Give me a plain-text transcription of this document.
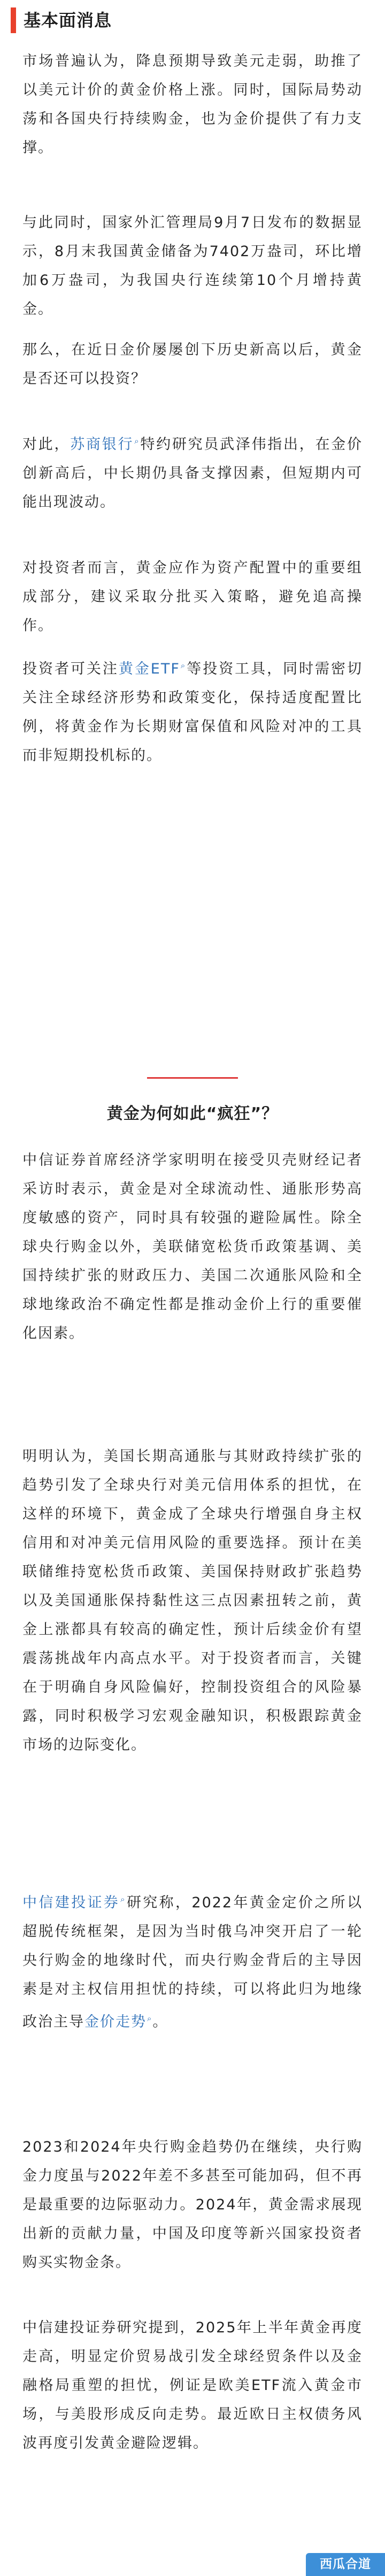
基本面消息
市场普遍认为，降息预期导致美元走弱，助推了以美元计价的黄金价格上涨。同时，国际局势动荡和各国央行持续购金，也为金价提供了有力支撑。
与此同时，国家外汇管理局9月7日发布的数据显示，8月末我国黄金储备为7402万盎司，环比增加6万盎司，为我国央行连续第10个月增持黄金。
那么，在近日金价屡屡创下历史新高以后，黄金是否还可以投资？
对此，苏商银行⌕特约研究员武泽伟指出，在金价创新高后，中长期仍具备支撑因素，但短期内可能出现波动。
对投资者而言，黄金应作为资产配置中的重要组成部分，建议采取分批买入策略，避免追高操作。
投资者可关注黄金ETF⌕等投资工具，同时需密切关注全球经济形势和政策变化，保持适度配置比例，将黄金作为长期财富保值和风险对冲的工具而非短期投机标的。
黄金为何如此“疯狂”？
中信证券首席经济学家明明在接受贝壳财经记者采访时表示，黄金是对全球流动性、通胀形势高度敏感的资产，同时具有较强的避险属性。除全球央行购金以外，美联储宽松货币政策基调、美国持续扩张的财政压力、美国二次通胀风险和全球地缘政治不确定性都是推动金价上行的重要催化因素。
明明认为，美国长期高通胀与其财政持续扩张的趋势引发了全球央行对美元信用体系的担忧，在这样的环境下，黄金成了全球央行增强自身主权信用和对冲美元信用风险的重要选择。预计在美联储维持宽松货币政策、美国保持财政扩张趋势以及美国通胀保持黏性这三点因素扭转之前，黄金上涨都具有较高的确定性，预计后续金价有望震荡挑战年内高点水平。对于投资者而言，关键在于明确自身风险偏好，控制投资组合的风险暴露，同时积极学习宏观金融知识，积极跟踪黄金市场的边际变化。
中信建投证券⌕研究称，2022年黄金定价之所以超脱传统框架，是因为当时俄乌冲突开启了一轮央行购金的地缘时代，而央行购金背后的主导因素是对主权信用担忧的持续，可以将此归为地缘政治主导金价走势⌕。
2023和2024年央行购金趋势仍在继续，央行购金力度虽与2022年差不多甚至可能加码，但不再是最重要的边际驱动力。2024年，黄金需求展现出新的贡献力量，中国及印度等新兴国家投资者购买实物金条。
中信建投证券研究提到，2025年上半年黄金再度走高，明显定价贸易战引发全球经贸条件以及金融格局重塑的担忧，例证是欧美ETF流入黄金市场，与美股形成反向走势。最近欧日主权债务风波再度引发黄金避险逻辑。
西瓜合道
